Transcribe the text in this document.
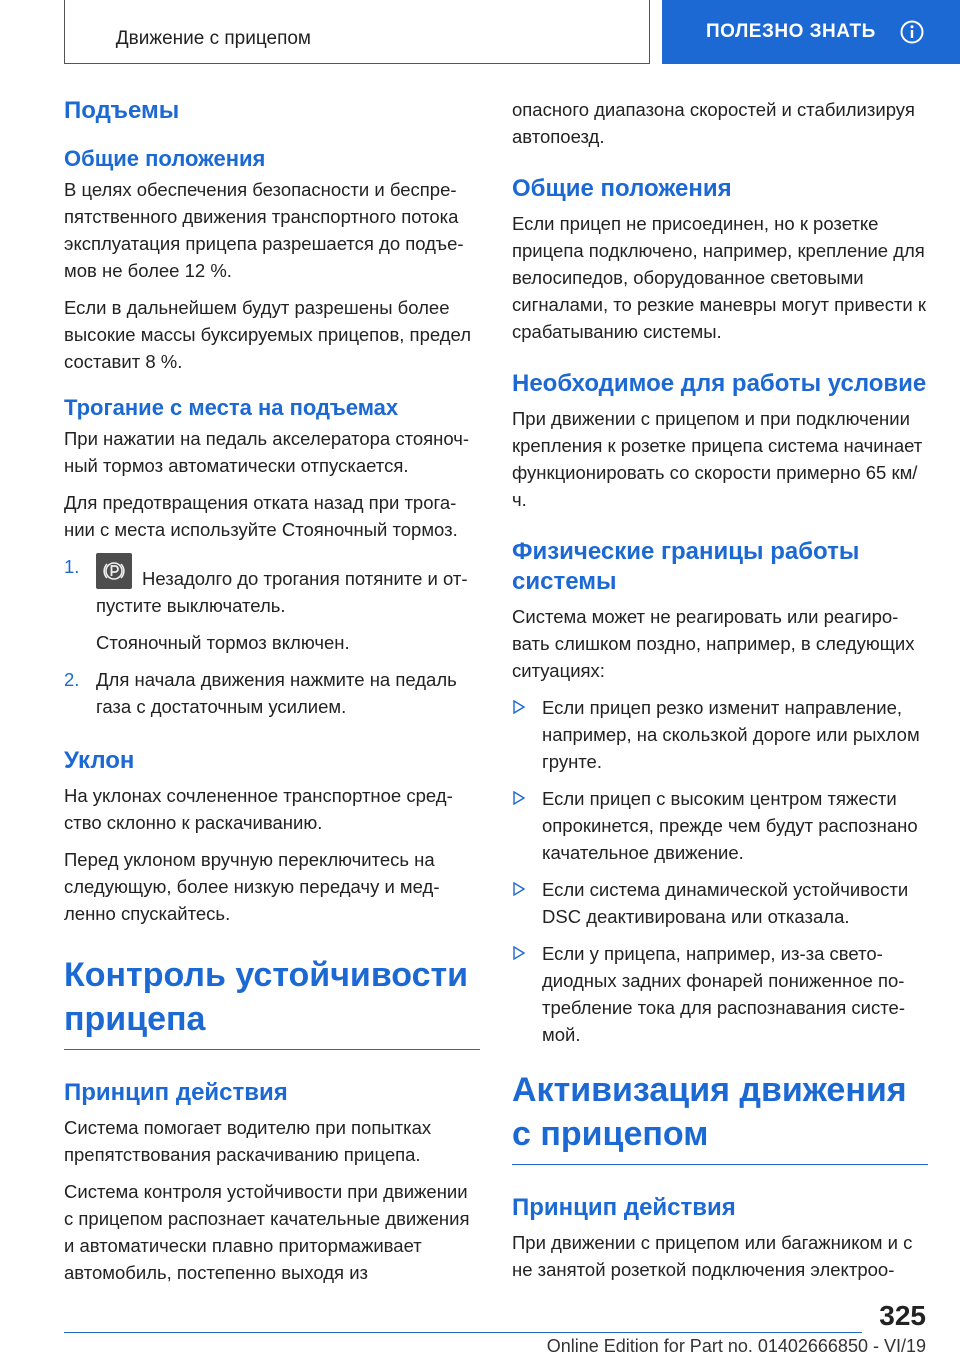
Движение с прицепом	ПОЛЕЗНО ЗНАТЬ
Подъемы
Общие положения

В целях обеспечения безопасности и беспрепятственного движения транспортного потока эксплуатация прицепа разрешается до подъемов не более 12 %.

Если в дальнейшем будут разрешены более высокие массы буксируемых прицепов, предел составит 8 %.

Трогание с места на подъемах

При нажатии на педаль акселератора стояночный тормоз автоматически отпускается.

Для предотвращения отката назад при трогании с места используйте Стояночный тормоз.

1.
Незадолго до трогания потяните и отпустите выключатель.
Стояночный тормоз включен.
2. Для начала движения нажмите на педаль газа с достаточным усилием.
Уклон

На уклонах сочлененное транспортное средство склонно к раскачиванию.

Перед уклоном вручную переключитесь на следующую, более низкую передачу и медленно спускайтесь.

Контроль устойчивости прицепа
Принцип действия

Система помогает водителю при попытках препятствования раскачиванию прицепа.

Система контроля устойчивости при движении с прицепом распознает качательные движения и автоматически плавно притормаживает автомобиль, постепенно выходя из

опасного диапазона скоростей и стабилизируя автопоезд.

Общие положения

Если прицеп не присоединен, но к розетке прицепа подключено, например, крепление для велосипедов, оборудованное световыми сигналами, то резкие маневры могут привести к срабатыванию системы.

Необходимое для работы условие

При движении с прицепом и при подключении крепления к розетке прицепа система начинает функционировать со скорости примерно 65 км/ч.

Физические границы работы системы

Система может не реагировать или реагировать слишком поздно, например, в следующих ситуациях:

Если прицеп резко изменит направление, например, на скользкой дороге или рыхлом грунте.
Если прицеп с высоким центром тяжести опрокинется, прежде чем будут распознано качательное движение.
Если система динамической устойчивости DSC деактивирована или отказала.
Если у прицепа, например, из-за светодиодных задних фонарей пониженное потребление тока для распознавания системой.
Активизация движения с прицепом
Принцип действия

При движении с прицепом или багажником и с не занятой розеткой подключения электроо-

325
Online Edition for Part no. 01402666850 - VI/19
